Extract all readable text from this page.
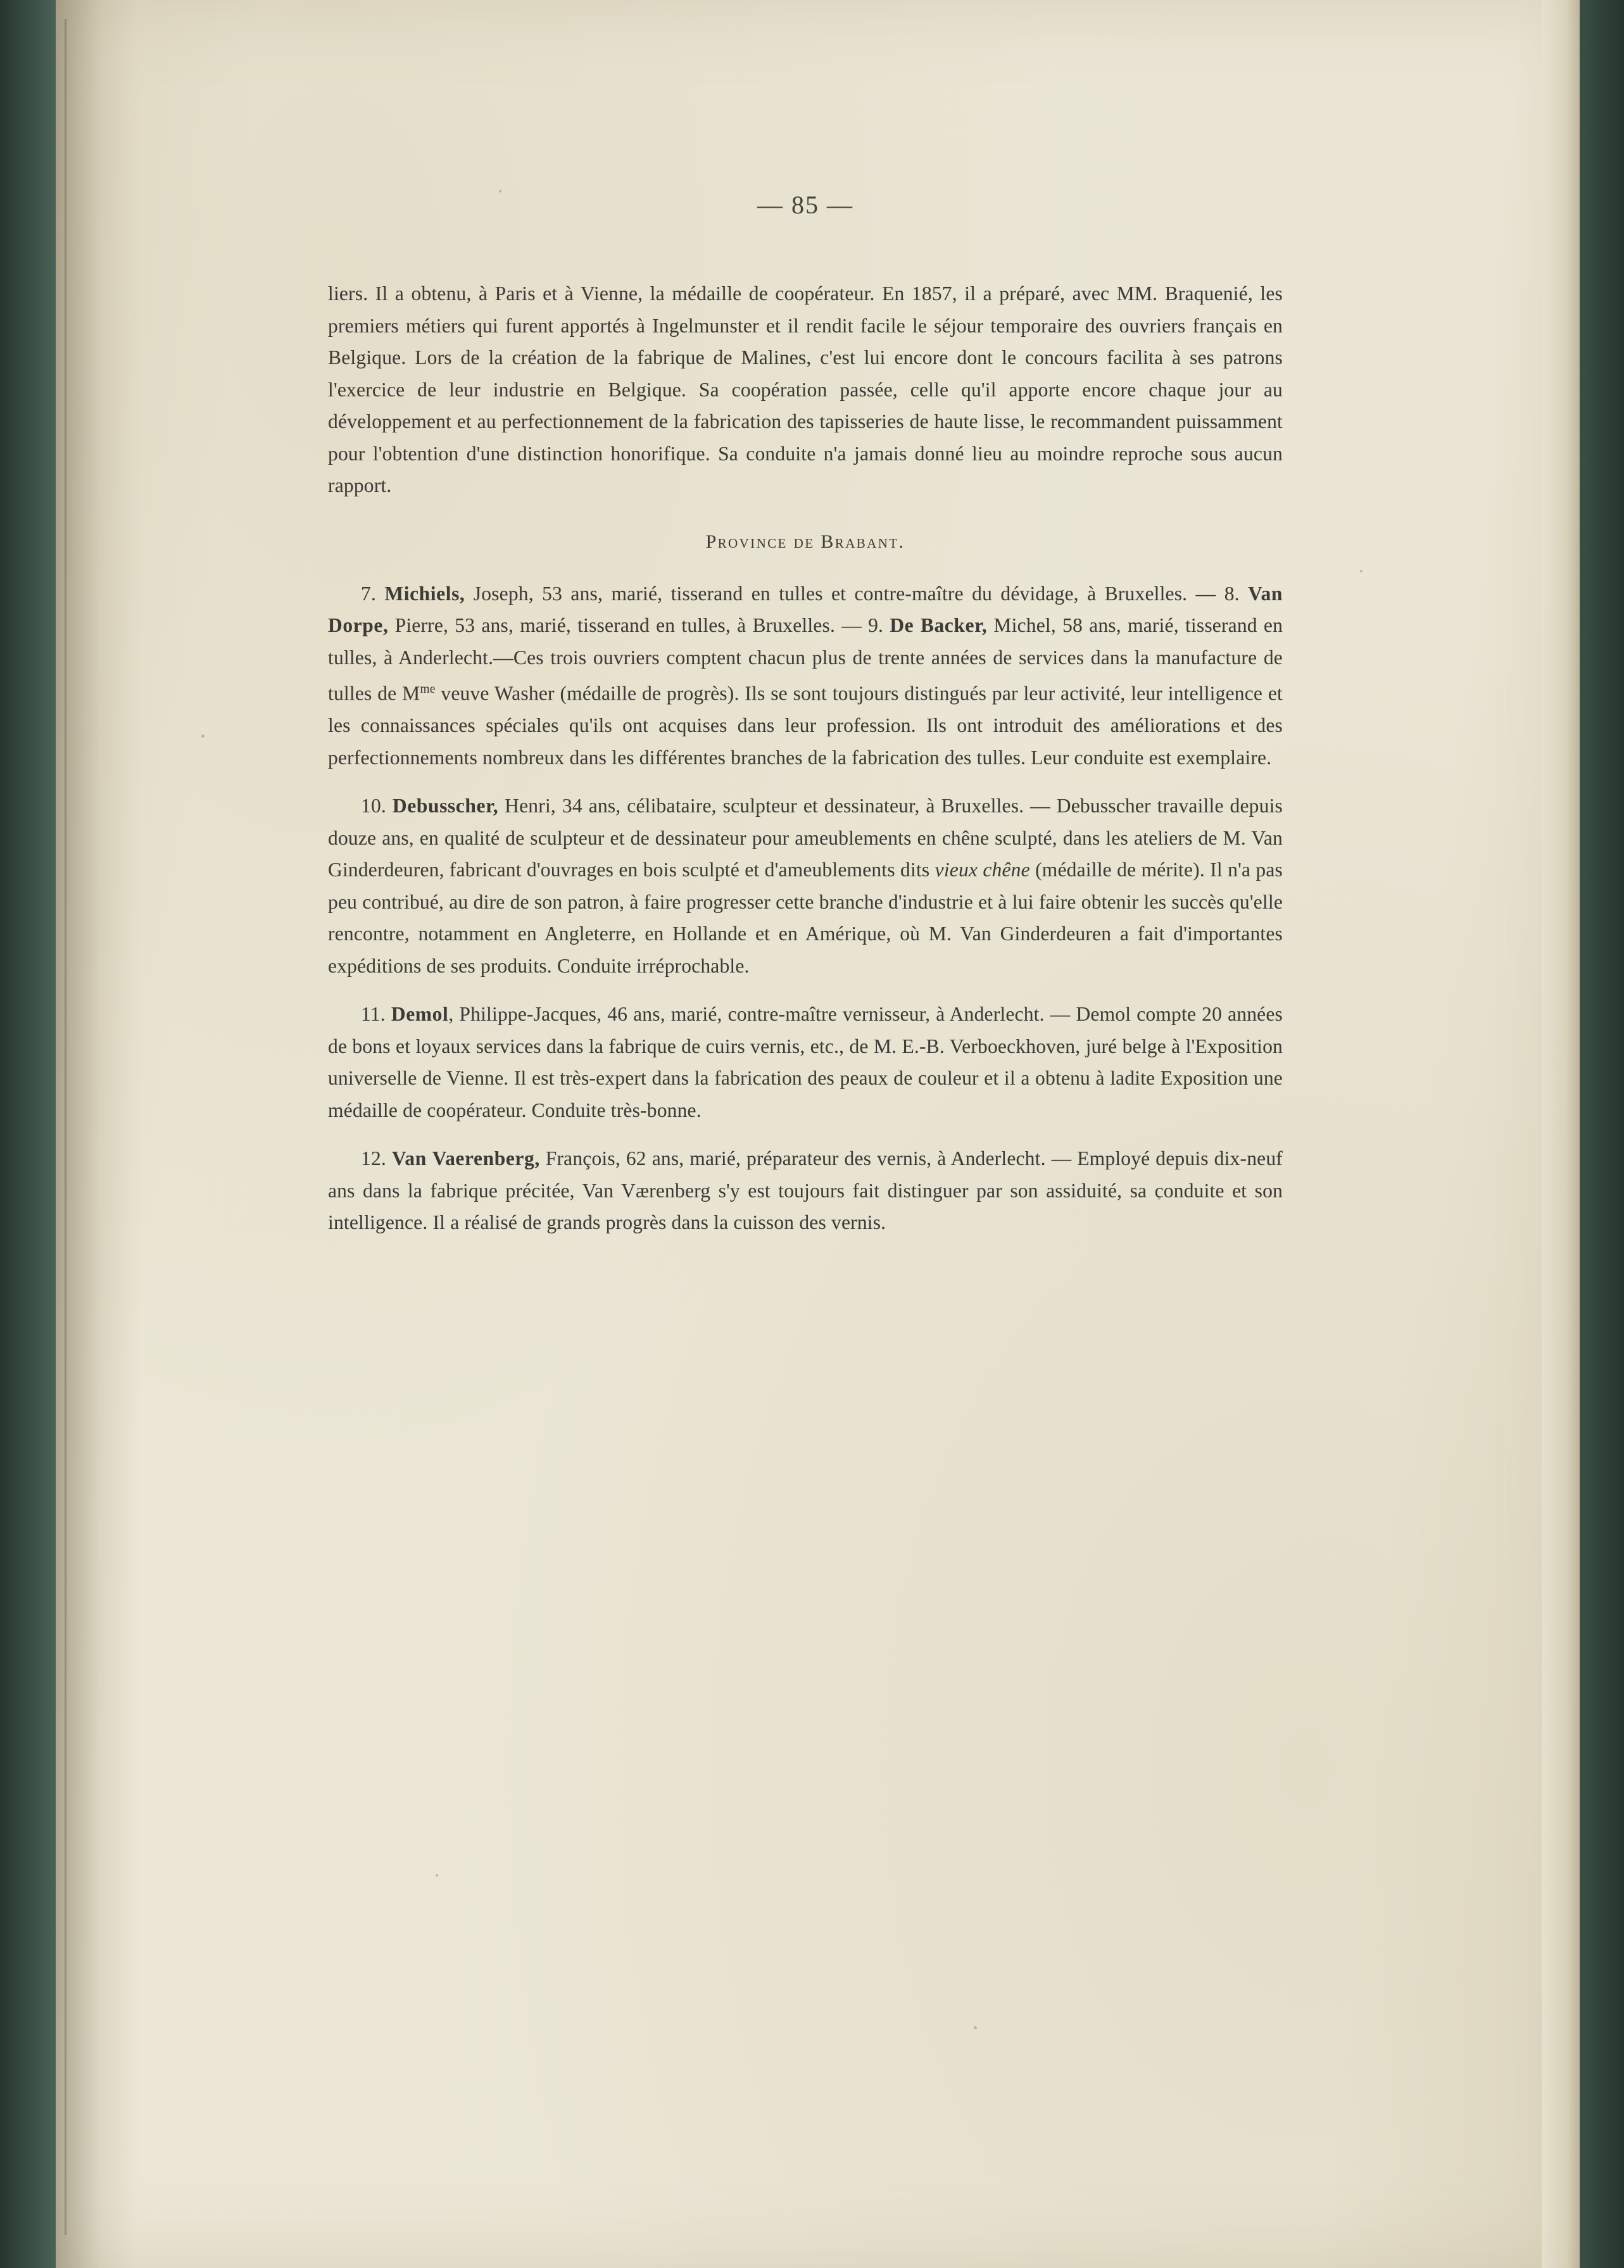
— 85 —

liers. Il a obtenu, à Paris et à Vienne, la médaille de coopérateur. En 1857, il a préparé, avec MM. Braquenié, les premiers métiers qui furent apportés à Ingelmunster et il rendit facile le séjour temporaire des ouvriers français en Belgique. Lors de la création de la fabrique de Malines, c'est lui encore dont le concours facilita à ses patrons l'exercice de leur industrie en Belgique. Sa coopération passée, celle qu'il apporte encore chaque jour au développement et au perfectionnement de la fabrication des tapisseries de haute lisse, le recommandent puissamment pour l'obtention d'une distinction honorifique. Sa conduite n'a jamais donné lieu au moindre reproche sous aucun rapport.

Province de Brabant.

7. Michiels, Joseph, 53 ans, marié, tisserand en tulles et contre-maître du dévidage, à Bruxelles. — 8. Van Dorpe, Pierre, 53 ans, marié, tisserand en tulles, à Bruxelles. — 9. De Backer, Michel, 58 ans, marié, tisserand en tulles, à Anderlecht.—Ces trois ouvriers comptent chacun plus de trente années de services dans la manufacture de tulles de $M^{me}$ veuve Washer (médaille de progrès). Ils se sont toujours distingués par leur activité, leur intelligence et les connaissances spéciales qu'ils ont acquises dans leur profession. Ils ont introduit des améliorations et des perfectionnements nombreux dans les différentes branches de la fabrication des tulles. Leur conduite est exemplaire.

10. Debusscher, Henri, 34 ans, célibataire, sculpteur et dessinateur, à Bruxelles. — Debusscher travaille depuis douze ans, en qualité de sculpteur et de dessinateur pour ameublements en chêne sculpté, dans les ateliers de M. Van Ginderdeuren, fabricant d'ouvrages en bois sculpté et d'ameublements dits vieux chêne (médaille de mérite). Il n'a pas peu contribué, au dire de son patron, à faire progresser cette branche d'industrie et à lui faire obtenir les succès qu'elle rencontre, notamment en Angleterre, en Hollande et en Amérique, où M. Van Ginderdeuren a fait d'importantes expéditions de ses produits. Conduite irréprochable.

11. Demol, Philippe-Jacques, 46 ans, marié, contre-maître vernisseur, à Anderlecht. — Demol compte 20 années de bons et loyaux services dans la fabrique de cuirs vernis, etc., de M. E.-B. Verboeckhoven, juré belge à l'Exposition universelle de Vienne. Il est très-expert dans la fabrication des peaux de couleur et il a obtenu à ladite Exposition une médaille de coopérateur. Conduite très-bonne.

12. Van Vaerenberg, François, 62 ans, marié, préparateur des vernis, à Anderlecht. — Employé depuis dix-neuf ans dans la fabrique précitée, Van Værenberg s'y est toujours fait distinguer par son assiduité, sa conduite et son intelligence. Il a réalisé de grands progrès dans la cuisson des vernis.
